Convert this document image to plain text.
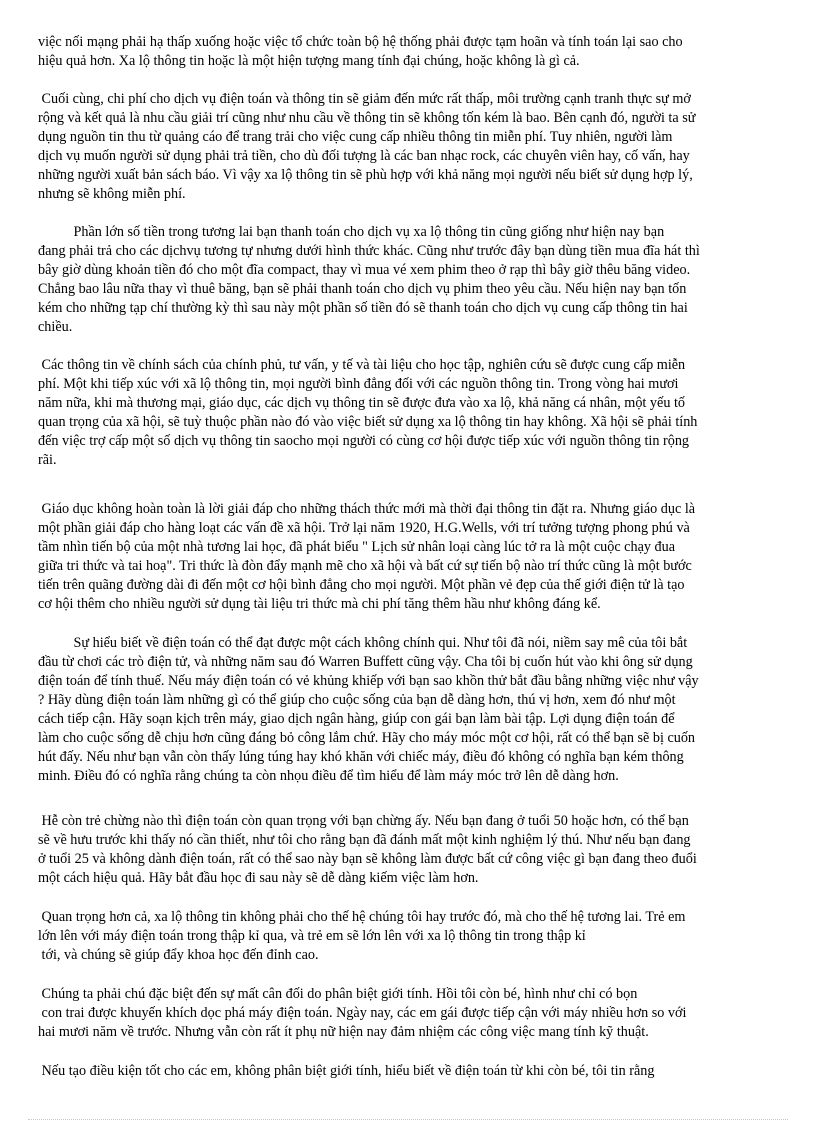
việc nối mạng phải hạ thấp xuống hoặc việc tổ chức toàn bộ hệ thống phải được tạm hoãn và tính toán lại sao cho
hiệu quả hơn. Xa lộ thông tin hoặc là một hiện tượng mang tính đại chúng, hoặc không là gì cả.
Cuối cùng, chi phí cho dịch vụ điện toán và thông tin sẽ giảm đến mức rất thấp, môi trường cạnh tranh thực sự mở
rộng và kết quả là nhu cầu giải trí cũng như nhu cầu về thông tin sẽ không tốn kém là bao. Bên cạnh đó, người ta sử
dụng nguồn tin thu từ quảng cáo để trang trải cho việc cung cấp nhiều thông tin miễn phí. Tuy nhiên, người làm
dịch vụ muốn người sử dụng phải trả tiền, cho dù đối tượng là các ban nhạc rock, các chuyên viên hay, cố vấn, hay
những người xuất bản sách báo. Vì vậy xa lộ thông tin sẽ phù hợp với khả năng mọi người nếu biết sử dụng hợp lý,
nhưng sẽ không miễn phí.
Phần lớn số tiền trong tương lai bạn thanh toán cho dịch vụ xa lộ thông tin cũng giống như hiện nay bạn
đang phải trả cho các dịchvụ tương tự nhưng dưới hình thức khác. Cũng như trước đây bạn dùng tiền mua đĩa hát thì
bây giờ dùng khoản tiền đó cho một đĩa compact, thay vì mua vé xem phim theo ở rạp thì bây giờ thêu băng video.
Chẳng bao lâu nữa thay vì thuê băng, bạn sẽ phải thanh toán cho dịch vụ phim theo yêu cầu. Nếu hiện nay bạn tốn
kém cho những tạp chí thường kỳ thì sau này một phần số tiền đó sẽ thanh toán cho dịch vụ cung cấp thông tin hai
chiều.
Các thông tin về chính sách của chính phủ, tư vấn, y tế và tài liệu cho học tập, nghiên cứu sẽ được cung cấp miễn
phí. Một khi tiếp xúc với xã lộ thông tin, mọi người bình đẳng đối với các nguồn thông tin. Trong vòng hai mươi
năm nữa, khi mà thương mại, giáo dục, các dịch vụ thông tin sẽ được đưa vào xa lộ, khả năng cá nhân, một yếu tố
quan trọng của xã hội, sẽ tuỳ thuộc phần nào đó vào việc biết sử dụng xa lộ thông tin hay không. Xã hội sẽ phải tính
đến việc trợ cấp một số dịch vụ thông tin saocho mọi người có cùng cơ hội được tiếp xúc với nguồn thông tin rộng
rãi.
Giáo dục không hoàn toàn là lời giải đáp cho những thách thức mới mà thời đại thông tin đặt ra. Nhưng giáo dục là
một phần giải đáp cho hàng loạt các vấn đề xã hội. Trở lại năm 1920, H.G.Wells, với trí tưởng tượng phong phú và
tầm nhìn tiến bộ của một nhà tương lai học, đã phát biểu " Lịch sử nhân loại càng lúc tở ra là một cuộc chạy đua
giữa tri thức và tai hoạ". Tri thức là đòn đẩy mạnh mẽ cho xã hội và bất cứ sự tiến bộ nào trí thức cũng là một bước
tiến trên quãng đường dài đi đến một cơ hội bình đẳng cho mọi người. Một phần vẻ đẹp của thế giới điện tử là tạo
cơ hội thêm cho nhiều người sử dụng tài liệu tri thức mà chi phí tăng thêm hầu như không đáng kể.
Sự hiểu biết về điện toán có thể đạt được một cách không chính qui. Như tôi đã nói, niềm say mê của tôi bắt
đầu từ chơi các trò điện tử, và những năm sau đó Warren Buffett cũng vậy. Cha tôi bị cuốn hút vào khi ông sử dụng
điện toán để tính thuế. Nếu máy điện toán có vẻ khủng khiếp với bạn sao khồn thử bắt đầu bằng những việc như vậy
? Hãy dùng điện toán làm những gì có thể giúp cho cuộc sống của bạn dễ dàng hơn, thú vị hơn, xem đó như một
cách tiếp cận. Hãy soạn kịch trên máy, giao dịch ngân hàng, giúp con gái bạn làm bài tập. Lợi dụng điện toán để
làm cho cuộc sống dễ chịu hơn cũng đáng bỏ công lắm chứ. Hãy cho máy móc một cơ hội, rất có thể bạn sẽ bị cuốn
hút đấy. Nếu như bạn vẫn còn thấy lúng túng hay khó khăn với chiếc máy, điều đó không có nghĩa bạn kém thông
minh. Điều đó có nghĩa rằng chúng ta còn nhọu điều để tìm hiểu để làm máy móc trở lên dễ dàng hơn.
Hễ còn trẻ chừng nào thì điện toán còn quan trọng với bạn chừng ấy. Nếu bạn đang ở tuổi 50 hoặc hơn, có thể bạn
sẽ về hưu trước khi thấy nó cần thiết, như tôi cho rằng bạn đã đánh mất một kinh nghiệm lý thú. Như nếu bạn đang
ở tuổi 25 và không dành điện toán, rất có thể sao này bạn sẽ không làm được bất cứ công việc gì bạn đang theo đuổi
một cách hiệu quả. Hãy bắt đầu học đi sau này sẽ dễ dàng kiếm việc làm hơn.
Quan trọng hơn cả, xa lộ thông tin không phải cho thế hệ chúng tôi hay trước đó, mà cho thế hệ tương lai. Trẻ em
lớn lên với máy điện toán trong thập kỉ qua, và trẻ em sẽ lớn lên với xa lộ thông tin trong thập kỉ
tới, và chúng sẽ giúp đẩy khoa học đến đỉnh cao.
Chúng ta phải chú đặc biệt đến sự mất cân đối do phân biệt giới tính. Hồi tôi còn bé, hình như chỉ có bọn
con trai được khuyến khích dọc phá máy điện toán. Ngày nay, các em gái được tiếp cận với máy nhiều hơn so với
hai mươi năm về trước. Nhưng vẫn còn rất ít phụ nữ hiện nay đảm nhiệm các công việc mang tính kỹ thuật.
Nếu tạo điều kiện tốt cho các em, không phân biệt giới tính, hiểu biết về điện toán từ khi còn bé, tôi tin rằng
